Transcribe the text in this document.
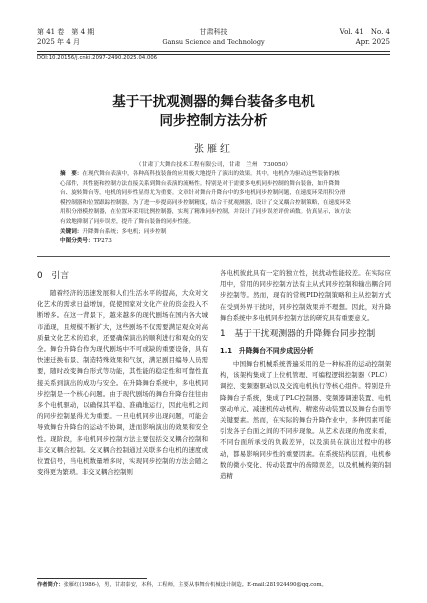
第 41 卷　第 4 期
2025 年 4 月
甘肃科技
Gansu Science and Technology
Vol. 41　No. 4
Apr. 2025
DOI:10.20156/j.cnki.2097-2490.2025.04.006
基于干扰观测器的舞台装备多电机
同步控制方法分析
张雁红
（甘肃丁大舞台技术工程有限公司，甘肃　兰州　730050）
摘　要：在现代舞台表演中，各种高科技装备的应用极大地提升了演出的效果。其中，电机作为驱动这些装备的核
心部件，其性能和控制方法直接关系到舞台表演的流畅性。特别是对于需要多电机同步控制的舞台装备，如升降舞
台、旋转舞台等，电机的同步性显得尤为重要。文章针对舞台升降台中的多电机同步控制问题，在速度环采用积分滑
模控制器和位置跟踪控制器，为了进一步提高同步控制精度，结合干扰观测器，设计了交叉耦合控制策略，在速度环采
用积分滑模控制器，在位置环采用比例控制器，实现了精准同步控制，并设计了同步误差评价函数。仿真显示，该方法
有效地抑制了同步误差，提升了舞台装备的同步性能。
关键词：升降舞台系统；多电机；同步控制
中图分类号：TP273
0　引言

随着经济的迅速发展和人们生活水平的提高，大众对文化艺术的需求日益增加，促使国家对文化产业的资金投入不断增多。在这一背景下，越来越多的现代剧场在国内各大城市涌现，且规模不断扩大，这些剧场不仅需要满足观众对高质量文化艺术的追求，还要确保演出的顺利进行和观众的安全。舞台升降台作为现代剧场中不可或缺的重要设备，具有快速迁换布景、制造特殊效果和气氛，满足剧目编导人员需要，随时改变舞台形式等功能，其性能的稳定性和可靠性直接关系到演出的成功与安全。在升降舞台系统中，多电机同步控制是一个核心问题。由于现代剧场的舞台升降台往往由多个电机驱动，以确保其平稳、准确地运行，因此电机之间的同步控制显得尤为重要。一旦电机同步出现问题，可能会导致舞台升降台的运动不协调，进而影响演出的效果和安全性。现阶段，多电机同步控制方法主要包括交叉耦合控制和非交叉耦合控制。交叉耦合控制通过关联多台电机的速度或位置信号，当电机数量增多时，实现同步控制的方法会随之变得更为繁琐。非交叉耦合控制则

各电机彼此具有一定的独立性，抗扰动性能较差。在实际应用中，常用的同步控制方法有主从式同步控制和输出耦合同步控制等。然而，现有的常规PID控制策略和主从控制方式在受到外界干扰时，同步控制效果并不理想。因此，对升降舞台系统中多电机同步控制方法的研究具有重要意义。

1　基于干扰观测器的升降舞台同步控制
1.1　升降舞台不同步成因分析

中国舞台机械系统普遍采用的是一种标准的运动控制架构，该架构集成了上位机管理、可编程逻辑控制器（PLC）调控、变频器驱动以及交流电机执行等核心组件。特别是升降舞台子系统，集成了PLC控制器、变频器调速装置、电机驱动单元、减速机传动机构、精密传动装置以及舞台台面等关键要素。然而，在实际的舞台升降作业中，多种因素可能引发各子台面之间的不同步现象。从艺术表现的角度来看，不同台面所承受的负载差异，以及演员在演出过程中的移动，都易影响同步性的重要因素。在系统结构层面，电机参数的微小变化、传动装置中的齿隙误差，以及机械构架的制造精

作者简介：张雁红(1986-)，男，甘肃泰安，本科，工程师，主要从事舞台机械设计制造。E-mail:281924490@qq.com。
